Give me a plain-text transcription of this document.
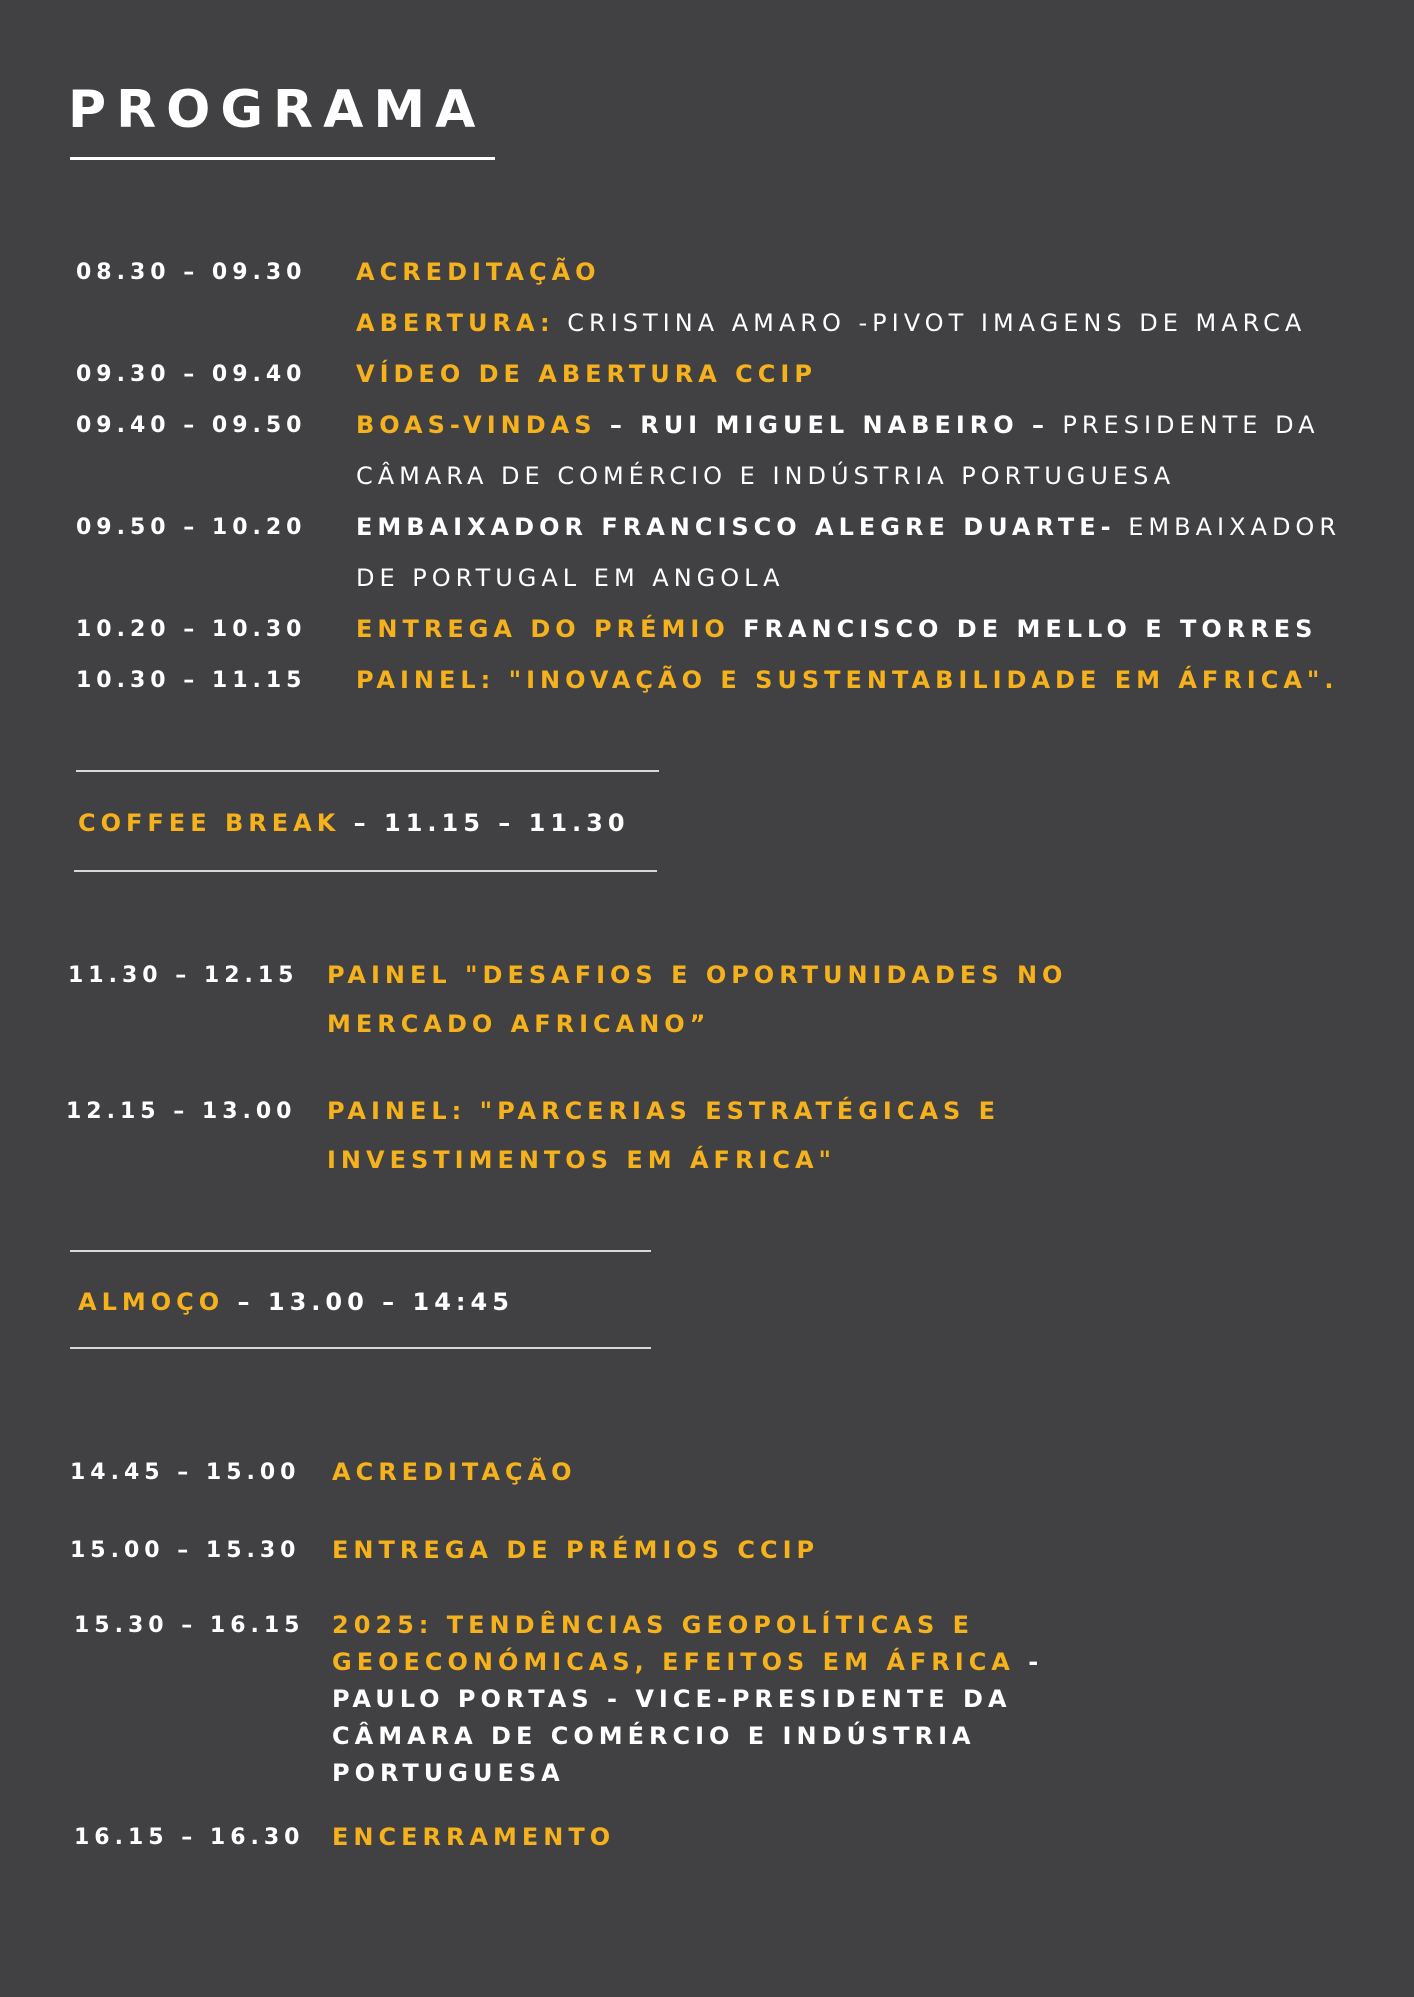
PROGRAMA
08.30 – 09.30 ACREDITAÇÃO
ABERTURA: CRISTINA AMARO -PIVOT IMAGENS DE MARCA
09.30 – 09.40 VÍDEO DE ABERTURA CCIP
09.40 – 09.50 BOAS-VINDAS – RUI MIGUEL NABEIRO – PRESIDENTE DA
CÂMARA DE COMÉRCIO E INDÚSTRIA PORTUGUESA
09.50 – 10.20 EMBAIXADOR FRANCISCO ALEGRE DUARTE- EMBAIXADOR
DE PORTUGAL EM ANGOLA
10.20 – 10.30 ENTREGA DO PRÉMIO FRANCISCO DE MELLO E TORRES
10.30 – 11.15 PAINEL: "INOVAÇÃO E SUSTENTABILIDADE EM ÁFRICA".
COFFEE BREAK – 11.15 – 11.30
11.30 – 12.15 PAINEL "DESAFIOS E OPORTUNIDADES NO
MERCADO AFRICANO”
12.15 – 13.00 PAINEL: "PARCERIAS ESTRATÉGICAS E
INVESTIMENTOS EM ÁFRICA"
ALMOÇO – 13.00 – 14:45
14.45 – 15.00 ACREDITAÇÃO
15.00 – 15.30 ENTREGA DE PRÉMIOS CCIP
15.30 – 16.15 2025: TENDÊNCIAS GEOPOLÍTICAS E
GEOECONÓMICAS, EFEITOS EM ÁFRICA -
PAULO PORTAS - VICE-PRESIDENTE DA
CÂMARA DE COMÉRCIO E INDÚSTRIA
PORTUGUESA
16.15 – 16.30 ENCERRAMENTO
